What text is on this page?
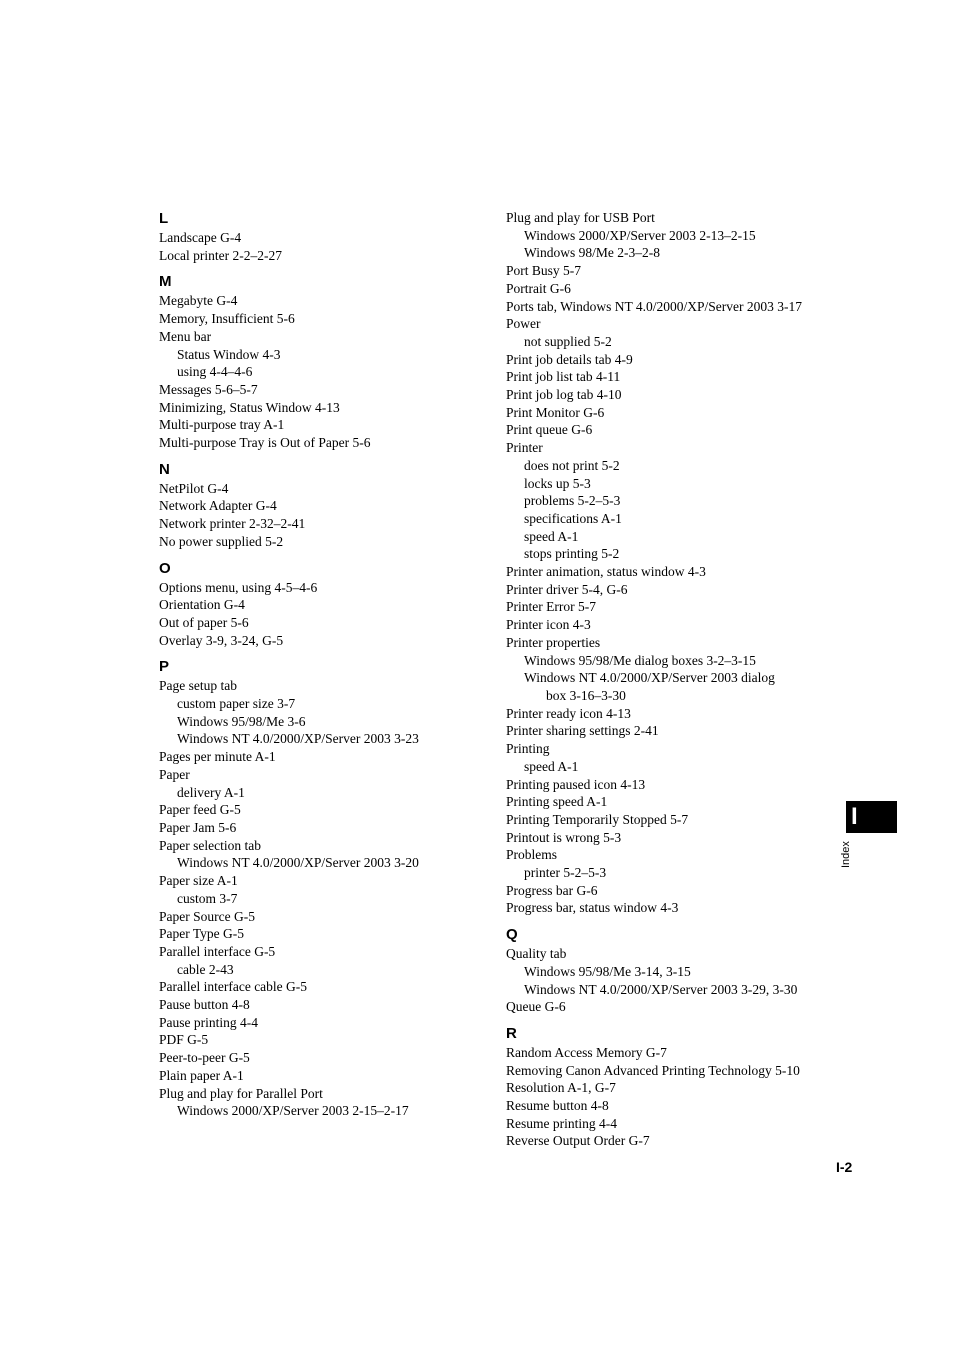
L
Landscape G-4
Local printer 2-2–2-27
M
Megabyte G-4
Memory, Insufficient 5-6
Menu bar
Status Window 4-3
using 4-4–4-6
Messages 5-6–5-7
Minimizing, Status Window 4-13
Multi-purpose tray A-1
Multi-purpose Tray is Out of Paper 5-6
N
NetPilot G-4
Network Adapter G-4
Network printer 2-32–2-41
No power supplied 5-2
O
Options menu, using 4-5–4-6
Orientation G-4
Out of paper 5-6
Overlay 3-9, 3-24, G-5
P
Page setup tab
custom paper size 3-7
Windows 95/98/Me 3-6
Windows NT 4.0/2000/XP/Server 2003 3-23
Pages per minute A-1
Paper
delivery A-1
Paper feed G-5
Paper Jam 5-6
Paper selection tab
Windows NT 4.0/2000/XP/Server 2003 3-20
Paper size A-1
custom 3-7
Paper Source G-5
Paper Type G-5
Parallel interface G-5
cable 2-43
Parallel interface cable G-5
Pause button 4-8
Pause printing 4-4
PDF G-5
Peer-to-peer G-5
Plain paper A-1
Plug and play for Parallel Port
Windows 2000/XP/Server 2003 2-15–2-17
Plug and play for USB Port
Windows 2000/XP/Server 2003 2-13–2-15
Windows 98/Me 2-3–2-8
Port Busy 5-7
Portrait G-6
Ports tab, Windows NT 4.0/2000/XP/Server 2003 3-17
Power
not supplied 5-2
Print job details tab 4-9
Print job list tab 4-11
Print job log tab 4-10
Print Monitor G-6
Print queue G-6
Printer
does not print 5-2
locks up 5-3
problems 5-2–5-3
specifications A-1
speed A-1
stops printing 5-2
Printer animation, status window 4-3
Printer driver 5-4, G-6
Printer Error 5-7
Printer icon 4-3
Printer properties
Windows 95/98/Me dialog boxes 3-2–3-15
Windows NT 4.0/2000/XP/Server 2003 dialog
box 3-16–3-30
Printer ready icon 4-13
Printer sharing settings 2-41
Printing
speed A-1
Printing paused icon 4-13
Printing speed A-1
Printing Temporarily Stopped 5-7
Printout is wrong 5-3
Problems
printer 5-2–5-3
Progress bar G-6
Progress bar, status window 4-3
Q
Quality tab
Windows 95/98/Me 3-14, 3-15
Windows NT 4.0/2000/XP/Server 2003 3-29, 3-30
Queue G-6
R
Random Access Memory G-7
Removing Canon Advanced Printing Technology 5-10
Resolution A-1, G-7
Resume button 4-8
Resume printing 4-4
Reverse Output Order G-7
I
Index
I-2
